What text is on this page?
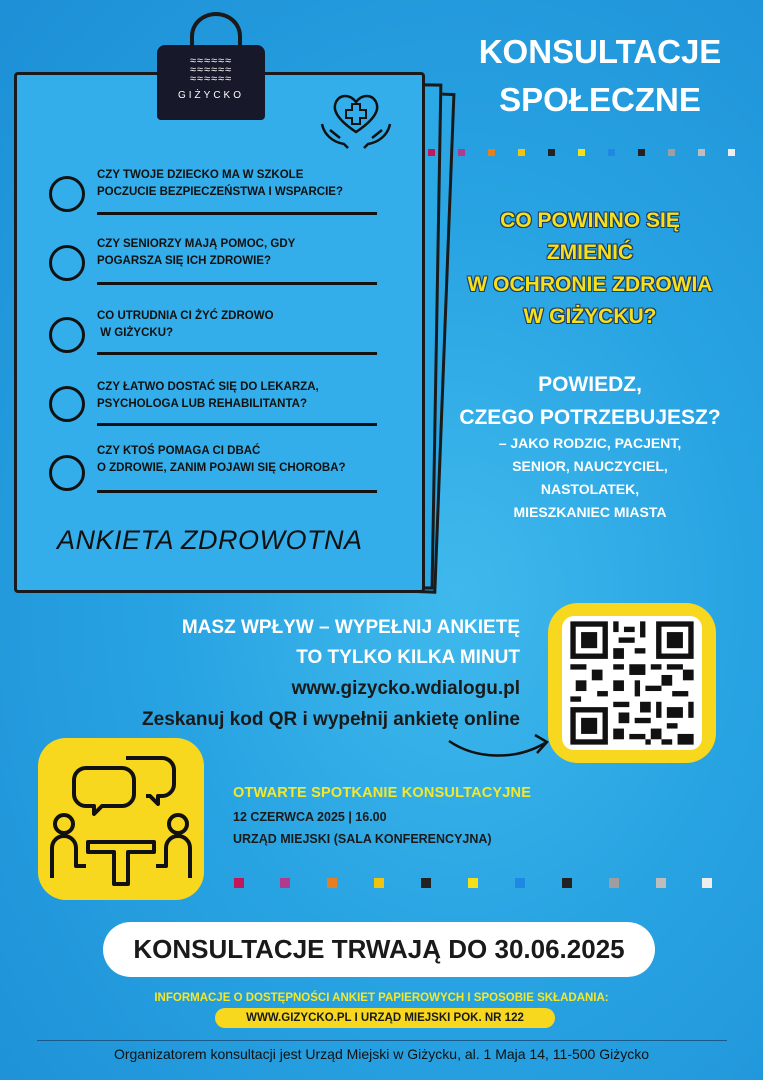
≈≈≈≈≈≈
≈≈≈≈≈≈
≈≈≈≈≈≈
GIŻYCKO
CZY TWOJE DZIECKO MA W SZKOLE
POCZUCIE BEZPIECZEŃSTWA I WSPARCIE?
CZY SENIORZY MAJĄ POMOC, GDY
POGARSZA SIĘ ICH ZDROWIE?
CO UTRUDNIA CI ŻYĆ ZDROWO
W GIŻYCKU?
CZY ŁATWO DOSTAĆ SIĘ DO LEKARZA,
PSYCHOLOGA LUB REHABILITANTA?
CZY KTOŚ POMAGA CI DBAĆ
O ZDROWIE, ZANIM POJAWI SIĘ CHOROBA?
ANKIETA ZDROWOTNA
KONSULTACJE
SPOŁECZNE
CO POWINNO SIĘ
ZMIENIĆ
W OCHRONIE ZDROWIA
W GIŻYCKU?
POWIEDZ,
CZEGO POTRZEBUJESZ?
– JAKO RODZIC, PACJENT,
SENIOR, NAUCZYCIEL,
NASTOLATEK,
MIESZKANIEC MIASTA
MASZ WPŁYW – WYPEŁNIJ ANKIETĘ
TO TYLKO KILKA MINUT
www.gizycko.wdialogu.pl
Zeskanuj kod QR i wypełnij ankietę online
OTWARTE SPOTKANIE KONSULTACYJNE
12 CZERWCA 2025 | 16.00
URZĄD MIEJSKI (SALA KONFERENCYJNA)
KONSULTACJE TRWAJĄ DO 30.06.2025
INFORMACJE O DOSTĘPNOŚCI ANKIET PAPIEROWYCH I SPOSOBIE SKŁADANIA:
WWW.GIZYCKO.PL I URZĄD MIEJSKI POK. NR 122
Organizatorem konsultacji jest Urząd Miejski w Giżycku, al. 1 Maja 14, 11-500 Giżycko
